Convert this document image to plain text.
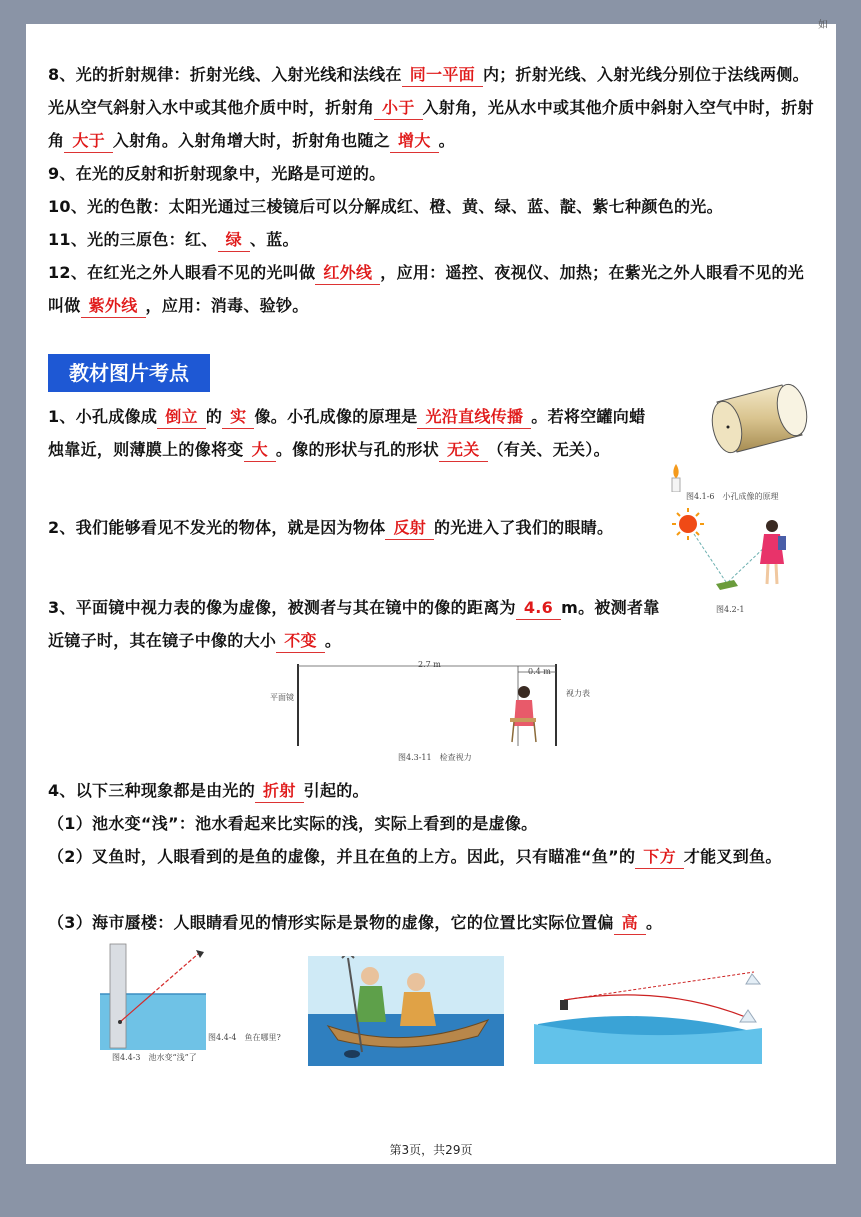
如
8、光的折射规律：折射光线、入射光线和法线在 同一平面 内；折射光线、入射光线分别位于法线两侧。光从空气斜射入水中或其他介质中时，折射角 小于 入射角，光从水中或其他介质中斜射入空气中时，折射角 大于 入射角。入射角增大时，折射角也随之 增大 。
9、在光的反射和折射现象中，光路是可逆的。
10、光的色散：太阳光通过三棱镜后可以分解成红、橙、黄、绿、蓝、靛、紫七种颜色的光。
11、光的三原色：红、 绿 、蓝。
12、在红光之外人眼看不见的光叫做 红外线 ，应用：遥控、夜视仪、加热；在紫光之外人眼看不见的光叫做 紫外线 ，应用：消毒、验钞。
教材图片考点
1、小孔成像成 倒立 的 实 像。小孔成像的原理是 光沿直线传播 。若将空罐向蜡烛靠近，则薄膜上的像将变 大 。像的形状与孔的形状 无关 （有关、无关）。
2、我们能够看见不发光的物体，就是因为物体 反射 的光进入了我们的眼睛。
3、平面镜中视力表的像为虚像，被测者与其在镜中的像的距离为 4.6 m。被测者靠近镜子时，其在镜子中像的大小 不变 。
4、以下三种现象都是由光的 折射 引起的。
（1）池水变“浅”：池水看起来比实际的浅，实际上看到的是虚像。
（2）叉鱼时，人眼看到的是鱼的虚像，并且在鱼的上方。因此，只有瞄准“鱼”的 下方 才能叉到鱼。
（3）海市蜃楼：人眼睛看见的情形实际是景物的虚像，它的位置比实际位置偏 高 。
图4.1-6　小孔成像的原理
图4.2-1
2.7 m
0.4 m
平面镜	视力表
图4.3-11　检查视力
图4.4-3　池水变“浅”了
图4.4-4　鱼在哪里?
第3页，共29页
